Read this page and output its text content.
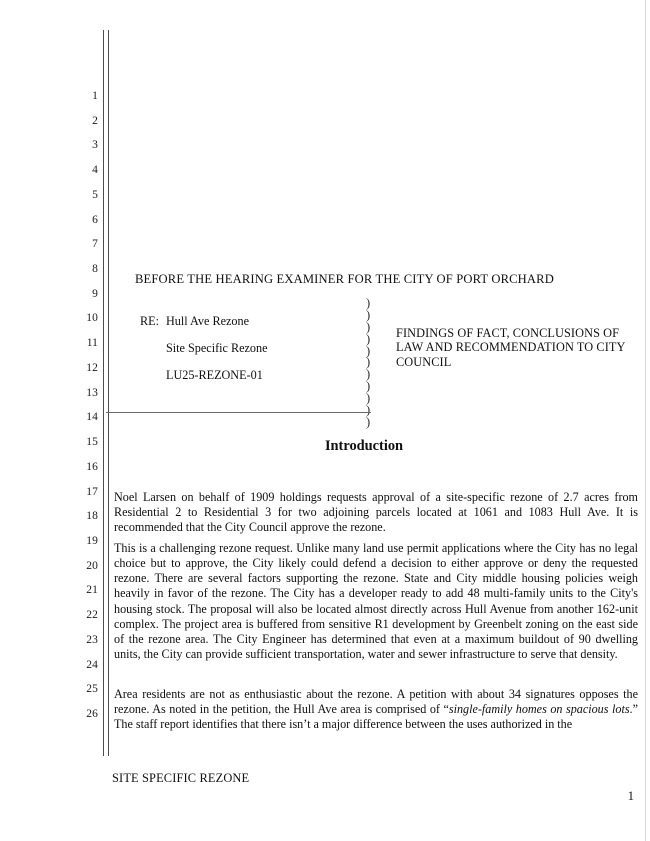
1
2
3
4
5
6
7
8
9
10
11
12
13
14
15
16
17
18
19
20
21
22
23
24
25
26
BEFORE THE HEARING EXAMINER FOR THE CITY OF PORT ORCHARD
RE: Hull Ave Rezone
Site Specific Rezone
LU25-REZONE-01
)
)
)
)
)
)
)
)
)
)
)
FINDINGS OF FACT, CONCLUSIONS OF LAW AND RECOMMENDATION TO CITY COUNCIL
Introduction

Noel Larsen on behalf of 1909 holdings requests approval of a site-specific rezone of 2.7 acres from Residential 2 to Residential 3 for two adjoining parcels located at 1061 and 1083 Hull Ave. It is recommended that the City Council approve the rezone.

This is a challenging rezone request. Unlike many land use permit applications where the City has no legal choice but to approve, the City likely could defend a decision to either approve or deny the requested rezone. There are several factors supporting the rezone. State and City middle housing policies weigh heavily in favor of the rezone. The City has a developer ready to add 48 multi-family units to the City's housing stock. The proposal will also be located almost directly across Hull Avenue from another 162-unit complex. The project area is buffered from sensitive R1 development by Greenbelt zoning on the east side of the rezone area. The City Engineer has determined that even at a maximum buildout of 90 dwelling units, the City can provide sufficient transportation, water and sewer infrastructure to serve that density.

Area residents are not as enthusiastic about the rezone. A petition with about 34 signatures opposes the rezone. As noted in the petition, the Hull Ave area is comprised of “single-family homes on spacious lots.” The staff report identifies that there isn’t a major difference between the uses authorized in the

SITE SPECIFIC REZONE
1
